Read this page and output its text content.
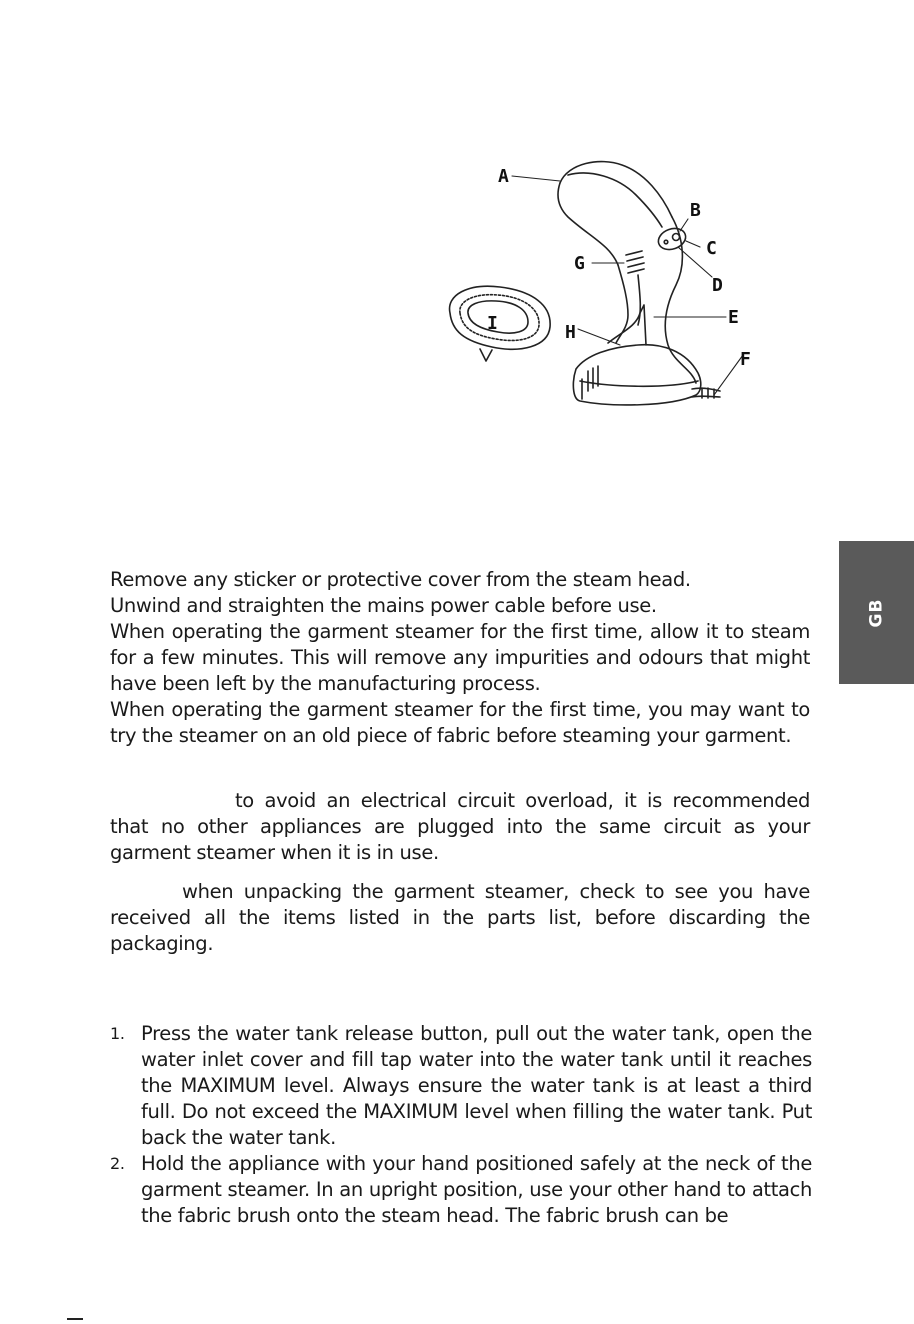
A
B
C
D
E
F
G
H
I
GB

Remove any sticker or protective cover from the steam head.

Unwind and straighten the mains power cable before use.

When operating the garment steamer for the first time, allow it to steam for a few minutes. This will remove any impurities and odours that might have been left by the manufacturing process.

When operating the garment steamer for the first time, you may want to try the steamer on an old piece of fabric before steaming your garment.

to avoid an electrical circuit overload, it is recommended that no other appliances are plugged into the same circuit as your garment steamer when it is in use.

when unpacking the garment steamer, check to see you have received all the items listed in the parts list, before discarding the packaging.

1. Press the water tank release button, pull out the water tank, open the water inlet cover and fill tap water into the water tank until it reaches the MAXIMUM level. Always ensure the water tank is at least a third full. Do not exceed the MAXIMUM level when filling the water tank. Put back the water tank.
2. Hold the appliance with your hand positioned safely at the neck of the garment steamer. In an upright position, use your other hand to attach the fabric brush onto the steam head. The fabric brush can be
